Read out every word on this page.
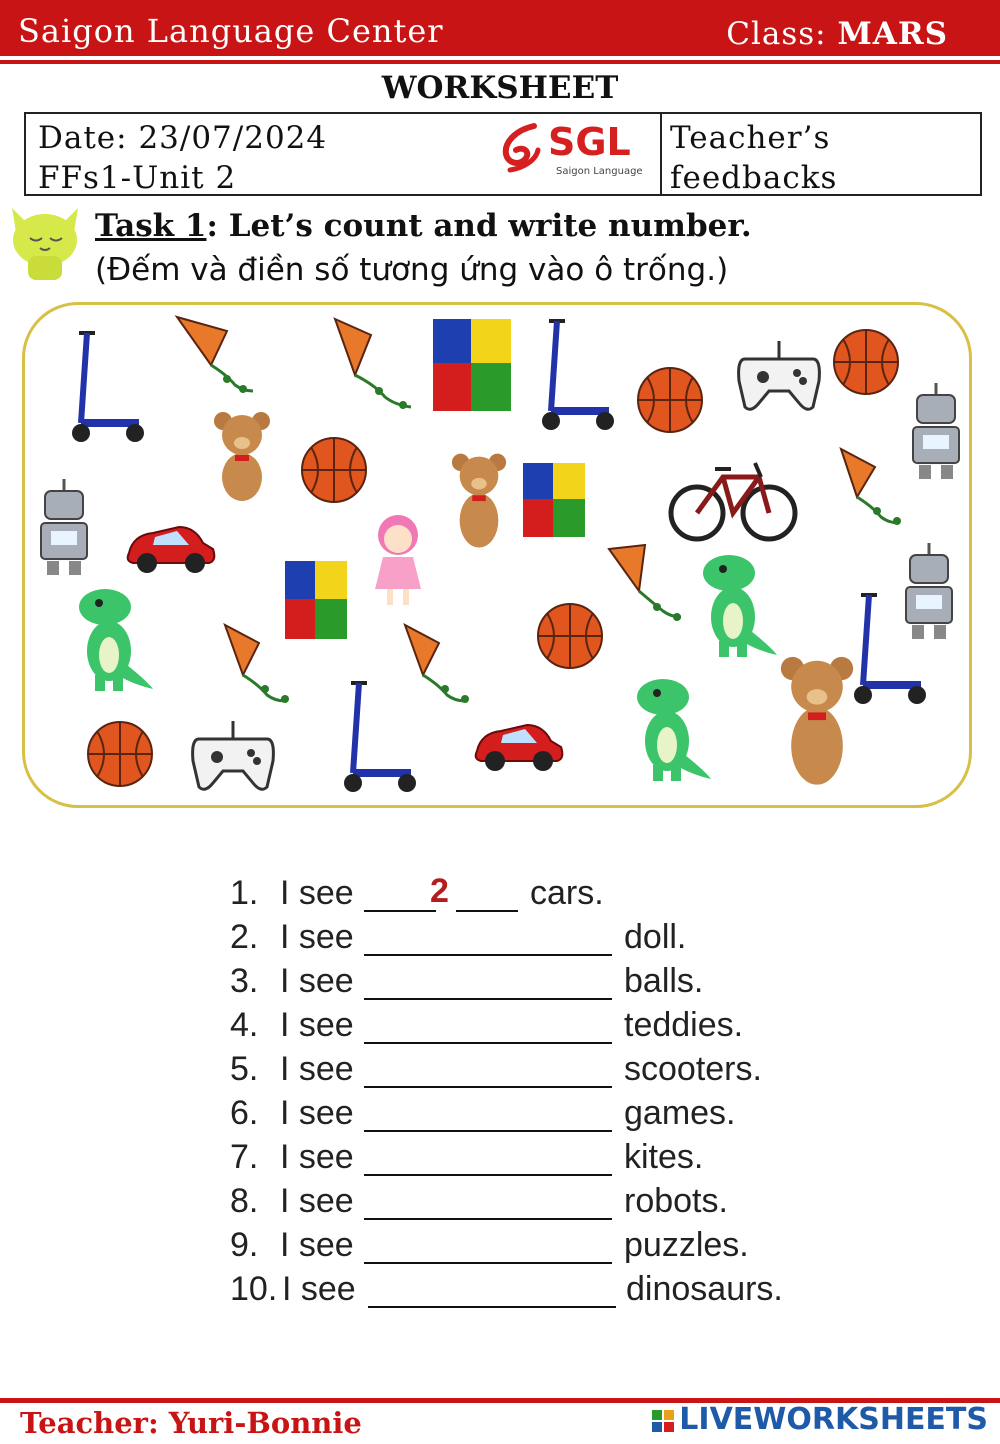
Saigon Language Center	Class: MARS
WORKSHEET
Date: 23/07/2024
FFs1-Unit 2
SGL
Saigon Language
Teacher’s
feedbacks
Task 1: Let’s count and write number.
(Đếm và điền số tương ứng vào ô trống.)
1. I see 2 cars.
2. I see	doll.
3. I see	balls.
4. I see	teddies.
5. I see	scooters.
6. I see	games.
7. I see	kites.
8. I see	robots.
9. I see	puzzles.
10. I see	dinosaurs.
Teacher: Yuri-Bonnie	LIVEWORKSHEETS
